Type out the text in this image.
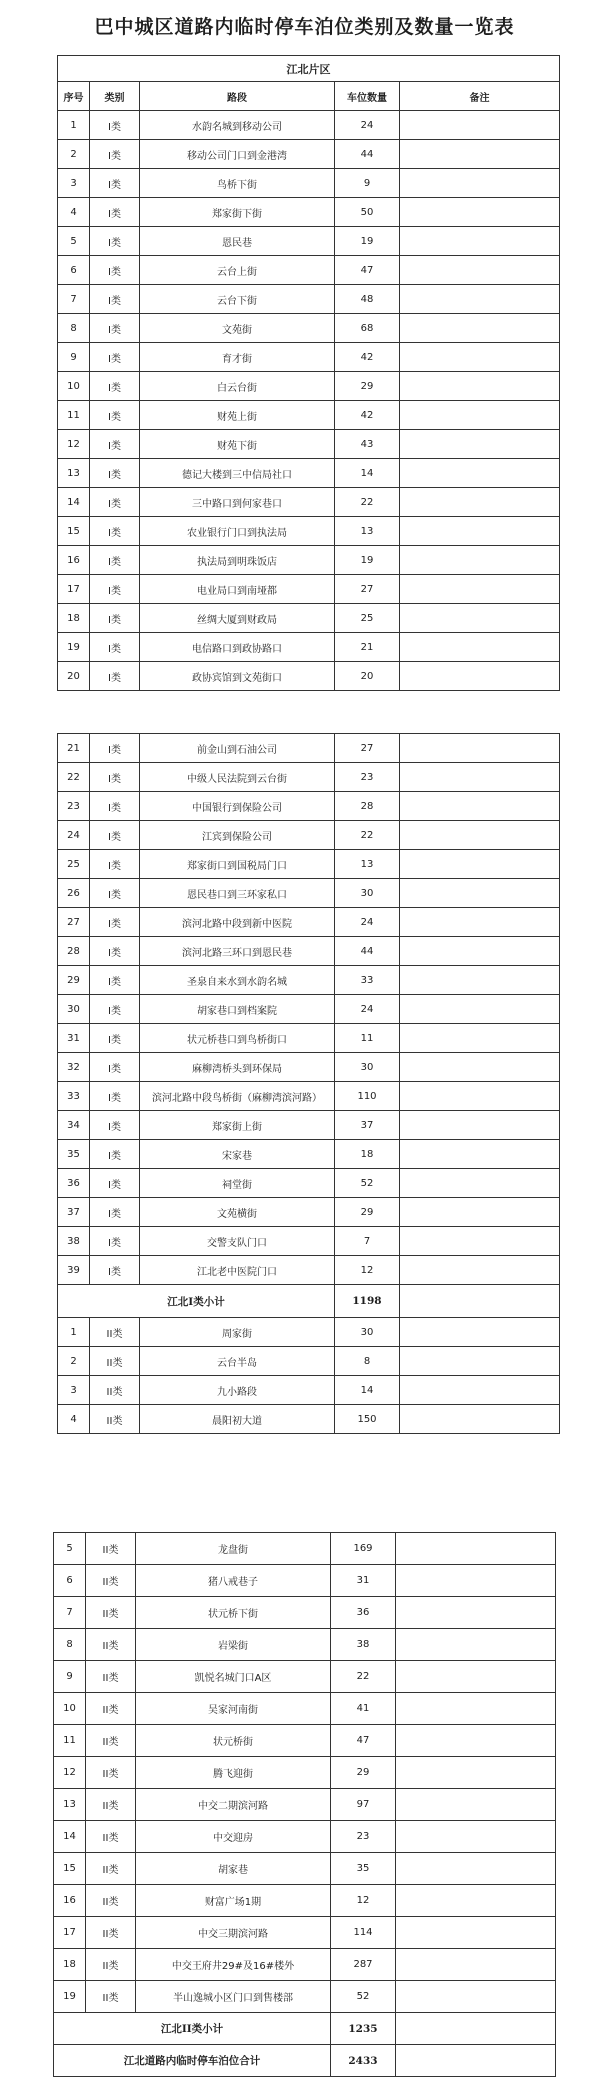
巴中城区道路内临时停车泊位类别及数量一览表
江北片区				
序号	类别	路段	车位数量	备注
1	I类	水韵名城到移动公司	24	
2	I类	移动公司门口到金港湾	44	
3	I类	鸟桥下街	9	
4	I类	郑家街下街	50	
5	I类	恩民巷	19	
6	I类	云台上街	47	
7	I类	云台下街	48	
8	I类	文苑街	68	
9	I类	育才街	42	
10	I类	白云台街	29	
11	I类	财苑上街	42	
12	I类	财苑下街	43	
13	I类	德记大楼到三中信局社口	14	
14	I类	三中路口到何家巷口	22	
15	I类	农业银行门口到执法局	13	
16	I类	执法局到明珠饭店	19	
17	I类	电业局口到南垭都	27	
18	I类	丝绸大厦到财政局	25	
19	I类	电信路口到政协路口	21	
20	I类	政协宾馆到文苑街口	20	
21	I类	前金山到石油公司	27	
22	I类	中级人民法院到云台街	23	
23	I类	中国银行到保险公司	28	
24	I类	江宾到保险公司	22	
25	I类	郑家街口到国税局门口	13	
26	I类	恩民巷口到三环家私口	30	
27	I类	滨河北路中段到新中医院	24	
28	I类	滨河北路三环口到恩民巷	44	
29	I类	圣泉自来水到水韵名城	33	
30	I类	胡家巷口到档案院	24	
31	I类	状元桥巷口到鸟桥街口	11	
32	I类	麻柳湾桥头到环保局	30	
33	I类	滨河北路中段鸟桥街（麻柳湾滨河路）	110	
34	I类	郑家街上街	37	
35	I类	宋家巷	18	
36	I类	祠堂街	52	
37	I类	文苑横街	29	
38	I类	交警支队门口	7	
39	I类	江北老中医院门口	12	
江北I类小计			1198	
1	II类	周家街	30	
2	II类	云台半岛	8	
3	II类	九小路段	14	
4	II类	晨阳初大道	150	
5	II类	龙盘街	169	
6	II类	猪八戒巷子	31	
7	II类	状元桥下街	36	
8	II类	岩梁街	38	
9	II类	凯悦名城门口A区	22	
10	II类	吴家河南街	41	
11	II类	状元桥街	47	
12	II类	腾飞迎街	29	
13	II类	中交二期滨河路	97	
14	II类	中交迎房	23	
15	II类	胡家巷	35	
16	II类	财富广场1期	12	
17	II类	中交三期滨河路	114	
18	II类	中交王府井29#及16#楼外	287	
19	II类	半山逸城小区门口到售楼部	52	
江北II类小计			1235	
江北道路内临时停车泊位合计			2433	
